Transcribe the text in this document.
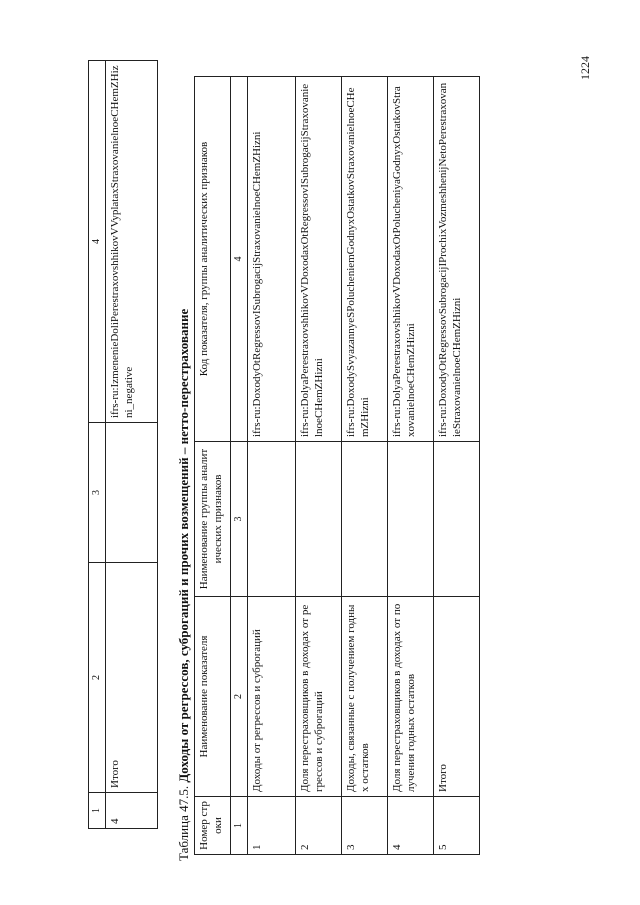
1224
1	2	3	4
4	Итого		ifrs-ru:IzmenenieDoliPerestraxovshhikovVVyplataxStraxovanielnoeCHemZHizni_negative
Таблица 47.5. Доходы от регрессов, суброгаций и прочих возмещений – нетто-перестрахование
Номер строки	Наименование показателя	Наименование группы аналитических признаков	Код показателя, группы аналитических признаков
1	2	3	4
1	Доходы от регрессов и суброгаций		ifrs-ru:DoxodyOtRegressovISubrogacijStraxovanielnoeCHemZHizni
2	Доля перестраховщиков в доходах от регрессов и суброгаций		ifrs-ru:DolyaPerestraxovshhikovVDoxodaxOtRegressovISubrogacijStraxovanielnoeCHemZHizni
3	Доходы, связанные с получением годных остатков		ifrs-ru:DoxodySvyazannyeSPolucheniemGodnyxOstatkovStraxovanielnoeCHemZHizni
4	Доля перестраховщиков в доходах от получения годных остатков		ifrs-ru:DolyaPerestraxovshhikovVDoxodaxOtPolucheniyaGodnyxOstatkovStraxovanielnoeCHemZHizni
5	Итого		ifrs-ru:DoxodyOtRegressovSubrogacijIProchixVozmeshhenijNetoPerestraxovanieStraxovanielnoeCHemZHizni
